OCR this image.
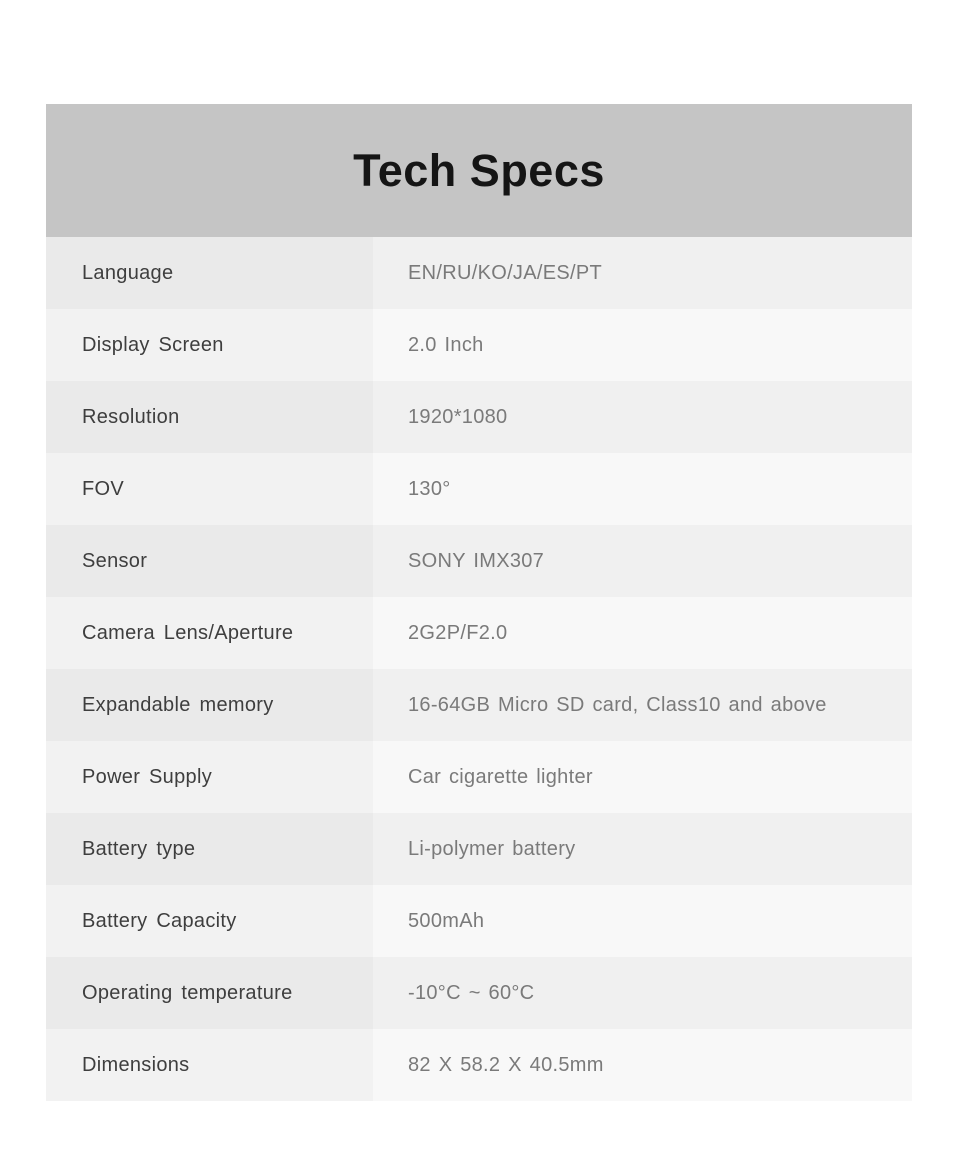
Tech Specs
Language	EN/RU/KO/JA/ES/PT
Display Screen	2.0 Inch
Resolution	1920*1080
FOV	130°
Sensor	SONY IMX307
Camera Lens/Aperture	2G2P/F2.0
Expandable memory	16-64GB Micro SD card, Class10 and above
Power Supply	Car cigarette lighter
Battery type	Li-polymer battery
Battery Capacity	500mAh
Operating temperature	-10°C ~ 60°C
Dimensions	82 X 58.2 X 40.5mm
